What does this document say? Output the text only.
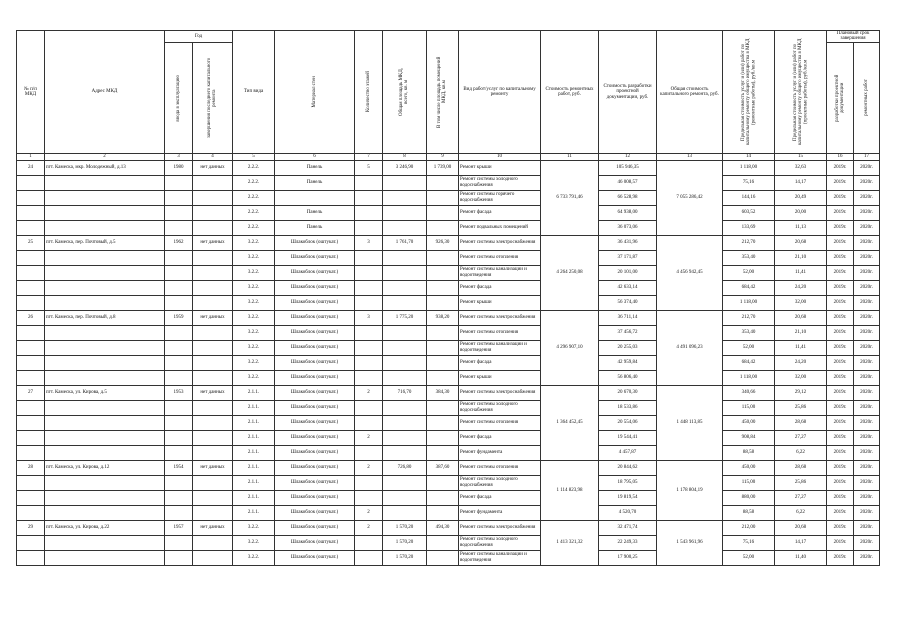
№ п/п МКД	Адрес МКД	Год		Тип вида	Материал стен	Количество этажей	Общая площадь МКД, всего, кв. м	В том числе площадь помещений МКД, кв.м	Вид работ/услуг по капитальному ремонту	Стоимость ремонтных работ, руб.	Стоимость разработки проектной документации, руб.	Общая стоимость капитального ремонта, руб.	Предельная стоимость услуг и (или) работ по капитальному ремонту общего имущества в МКД (ремонтные работы), руб./кв.м	Предельная стоимость услуг и (или) работ по капитальному ремонту общего имущества в МКД (проектные работы), руб./кв.м	Плановый срок завершения	

		ввода в эксплуатацию	завершения последнего капитального ремонта												разработки проектной документации	ремонтных работ

1	2	3	4	5	6	7	8	9	10	11	12	13	14	15	16	17
24	пгт. Камеска, мкр. Молодежный, д.13	1980	нет данных	2.2.2.	Панель	5	3 246,90	1 739,00	Ремонт крыши	6 733 791,46	105 946,35	7 055 286,42	1 118,00	32,63	2019г.	2020г.
				2.2.2.	Панель				Ремонт системы холодного водоснабжения		46 008,57		75,16	14,17	2019г.	2020г.
				2.2.2.					Ремонт системы горячего водоснабжения		66 528,98		144,16	20,49	2019г.	2020г.
				2.2.2.	Панель				Ремонт фасада		64 938,00		603,52	20,00	2019г.	2020г.
				2.2.2.	Панель				Ремонт подвальных помещений		36 073,06		133,69	11,13	2019г.	2020г.
25	пгт. Камеска, пер. Почтовый, д.5	1962	нет данных	3.2.2.	Шлакоблок (оштукат.)	3	1 761,70	926,30	Ремонт системы электроснабжения	4 264 250,08	36 431,96	4 456 942,45	212,70	20,68	2019г.	2020г.
				3.2.2.	Шлакоблок (оштукат.)				Ремонт системы отопления		37 171,87		353,40	21,10	2019г.	2020г.
				3.2.2.	Шлакоблок (оштукат.)				Ремонт системы канализации и водоотведения		20 101,00		52,00	11,41	2019г.	2020г.
				3.2.2.	Шлакоблок (оштукат.)				Ремонт фасада		42 633,14		684,42	24,20	2019г.	2020г.
				3.2.2.	Шлакоблок (оштукат.)				Ремонт крыши		56 374,40		1 118,00	32,00	2019г.	2020г.
26	пгт. Камеска, пер. Почтовый, д.8	1959	нет данных	3.2.2.	Шлакоблок (оштукат.)	3	1 775,20	938,20	Ремонт системы электроснабжения	4 296 907,10	36 711,14	4 491 096,23	212,70	20,68	2019г.	2020г.
				3.2.2.	Шлакоблок (оштукат.)				Ремонт системы отопления		37 456,72		353,40	21,10	2019г.	2020г.
				3.2.2.	Шлакоблок (оштукат.)				Ремонт системы канализации и водоотведения		20 255,03		52,00	11,41	2019г.	2020г.
				3.2.2.	Шлакоблок (оштукат.)				Ремонт фасада		42 959,84		684,42	24,20	2019г.	2020г.
				3.2.2.	Шлакоблок (оштукат.)				Ремонт крыши		56 806,40		1 118,00	32,00	2019г.	2020г.
27	пгт. Камеска, ул. Кирова, д.5	1953	нет данных	2.1.1.	Шлакоблок (оштукат.)	2	716,70	384,30	Ремонт системы электроснабжения	1 364 452,45	20 670,30	1 448 113,85	340,66	29,12	2019г.	2020г.
				2.1.1.	Шлакоблок (оштукат.)				Ремонт системы холодного водоснабжения		18 533,86		115,00	25,86	2019г.	2020г.
				2.1.1.	Шлакоблок (оштукат.)				Ремонт системы отопления		20 554,06		450,00	28,68	2019г.	2020г.
				2.1.1.	Шлакоблок (оштукат.)	2			Ремонт фасада		19 544,41		908,84	27,27	2019г.	2020г.
				2.1.1.	Шлакоблок (оштукат.)				Ремонт фундамента		4 457,87		88,58	6,22	2019г.	2020г.
28	пгт. Камеска, ул. Кирова, д.12	1954	нет данных	2.1.1.	Шлакоблок (оштукат.)	2	726,80	387,60	Ремонт системы отопления	1 114 823,98	20 844,62	1 178 804,19	450,00	28,68	2019г.	2020г.
				2.1.1.	Шлакоблок (оштукат.)				Ремонт системы холодного водоснабжения		18 795,05		115,00	25,86	2019г.	2020г.
				2.1.1.	Шлакоблок (оштукат.)				Ремонт фасада		19 819,54		880,00	27,27	2019г.	2020г.
				2.1.1.	Шлакоблок (оштукат.)	2			Ремонт фундамента		4 520,70		88,58	6,22	2019г.	2020г.
29	пгт. Камеска, ул. Кирова, д.22	1957	нет данных	3.2.2.	Шлакоблок (оштукат.)	2	1 570,20	494,30	Ремонт системы электроснабжения	1 413 321,32	32 471,74	1 543 961,96	212,00	20,68	2019г.	2020г.
				3.2.2.	Шлакоблок (оштукат.)		1 570,20		Ремонт системы холодного водоснабжения		22 249,33		75,16	14,17	2019г.	2020г.
				3.2.2.	Шлакоблок (оштукат.)		1 570,20		Ремонт системы канализации и водоотведения		17 900,25		52,00	11,40	2019г.	2020г.
